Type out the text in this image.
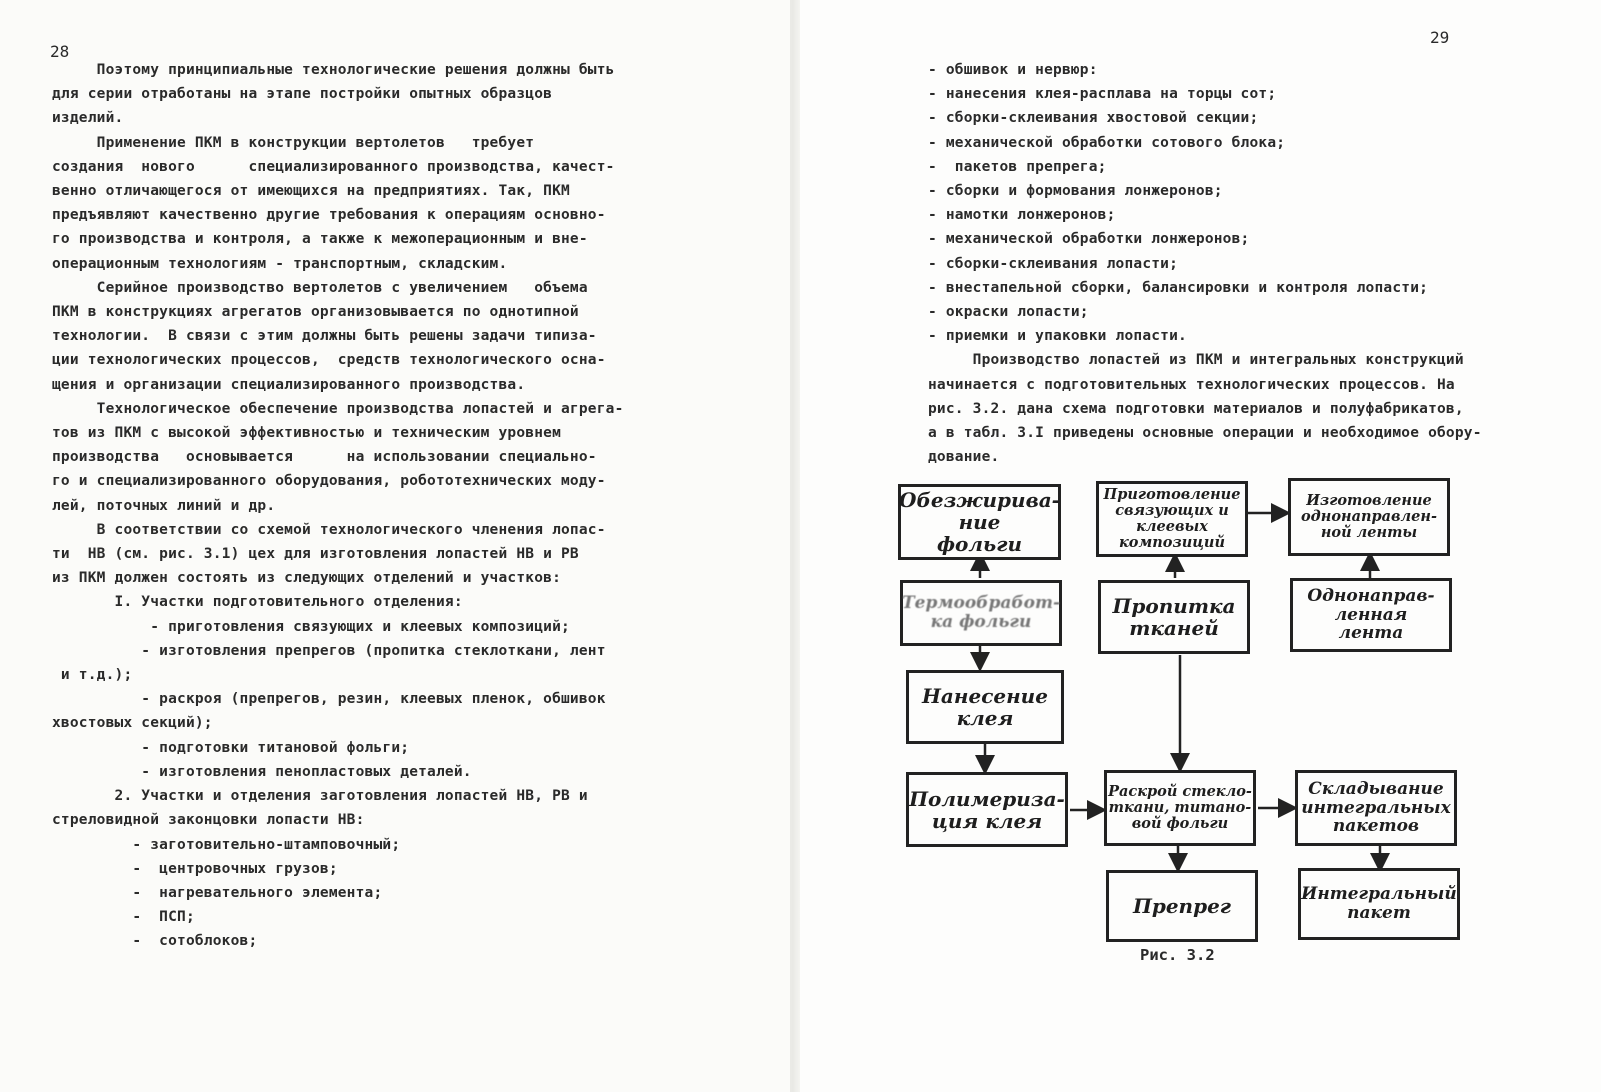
28
Поэтому принципиальные технологические решения должны быть
для серии отработаны на этапе постройки опытных образцов
изделий.
Применение ПКМ в конструкции вертолетов   требует
создания  нового      специализированного производства, качест-
венно отличающегося от имеющихся на предприятиях. Так, ПКМ
предъявляют качественно другие требования к операциям основно-
го производства и контроля, а также к межоперационным и вне-
операционным технологиям - транспортным, складским.
Серийное производство вертолетов с увеличением   объема
ПКМ в конструкциях агрегатов организовывается по однотипной
технологии.  В связи с этим должны быть решены задачи типиза-
ции технологических процессов,  средств технологического осна-
щения и организации специализированного производства.
Технологическое обеспечение производства лопастей и агрега-
тов из ПКМ с высокой эффективностью и техническим уровнем
производства   основывается      на использовании специально-
го и специализированного оборудования, робототехнических моду-
лей, поточных линий и др.
В соответствии со схемой технологического членения лопас-
ти  НВ (см. рис. 3.1) цех для изготовления лопастей НВ и РВ
из ПКМ должен состоять из следующих отделений и участков:
I. Участки подготовительного отделения:
- приготовления связующих и клеевых композиций;
- изготовления препрегов (пропитка стеклоткани, лент
и т.д.);
- раскроя (препрегов, резин, клеевых пленок, обшивок
хвостовых секций);
- подготовки титановой фольги;
- изготовления пенопластовых деталей.
2. Участки и отделения заготовления лопастей НВ, РВ и
стреловидной законцовки лопасти НВ:
- заготовительно-штамповочный;
-  центровочных грузов;
-  нагревательного элемента;
-  ПСП;
-  сотоблоков;
29
- обшивок и нервюр:
- нанесения клея-расплава на торцы сот;
- сборки-склеивания хвостовой секции;
- механической обработки сотового блока;
-  пакетов препрега;
- сборки и формования лонжеронов;
- намотки лонжеронов;
- механической обработки лонжеронов;
- сборки-склеивания лопасти;
- внестапельной сборки, балансировки и контроля лопасти;
- окраски лопасти;
- приемки и упаковки лопасти.
Производство лопастей из ПКМ и интегральных конструкций
начинается с подготовительных технологических процессов. На
рис. 3.2. дана схема подготовки материалов и полуфабрикатов,
а в табл. 3.I приведены основные операции и необходимое обору-
дование.
Обезжирива-
ние
фольги
Приготовление
связующих и
клеевых
композиций
Изготовление
однонаправлен-
ной ленты
Термообработ-
ка фольги
Пропитка
тканей
Однонаправ-
ленная
лента
Нанесение
клея
Полимериза-
ция клея
Раскрой стекло-
ткани, титано-
вой фольги
Складывание
интегральных
пакетов
Препрег	Интегральный
пакет
Рис. 3.2
